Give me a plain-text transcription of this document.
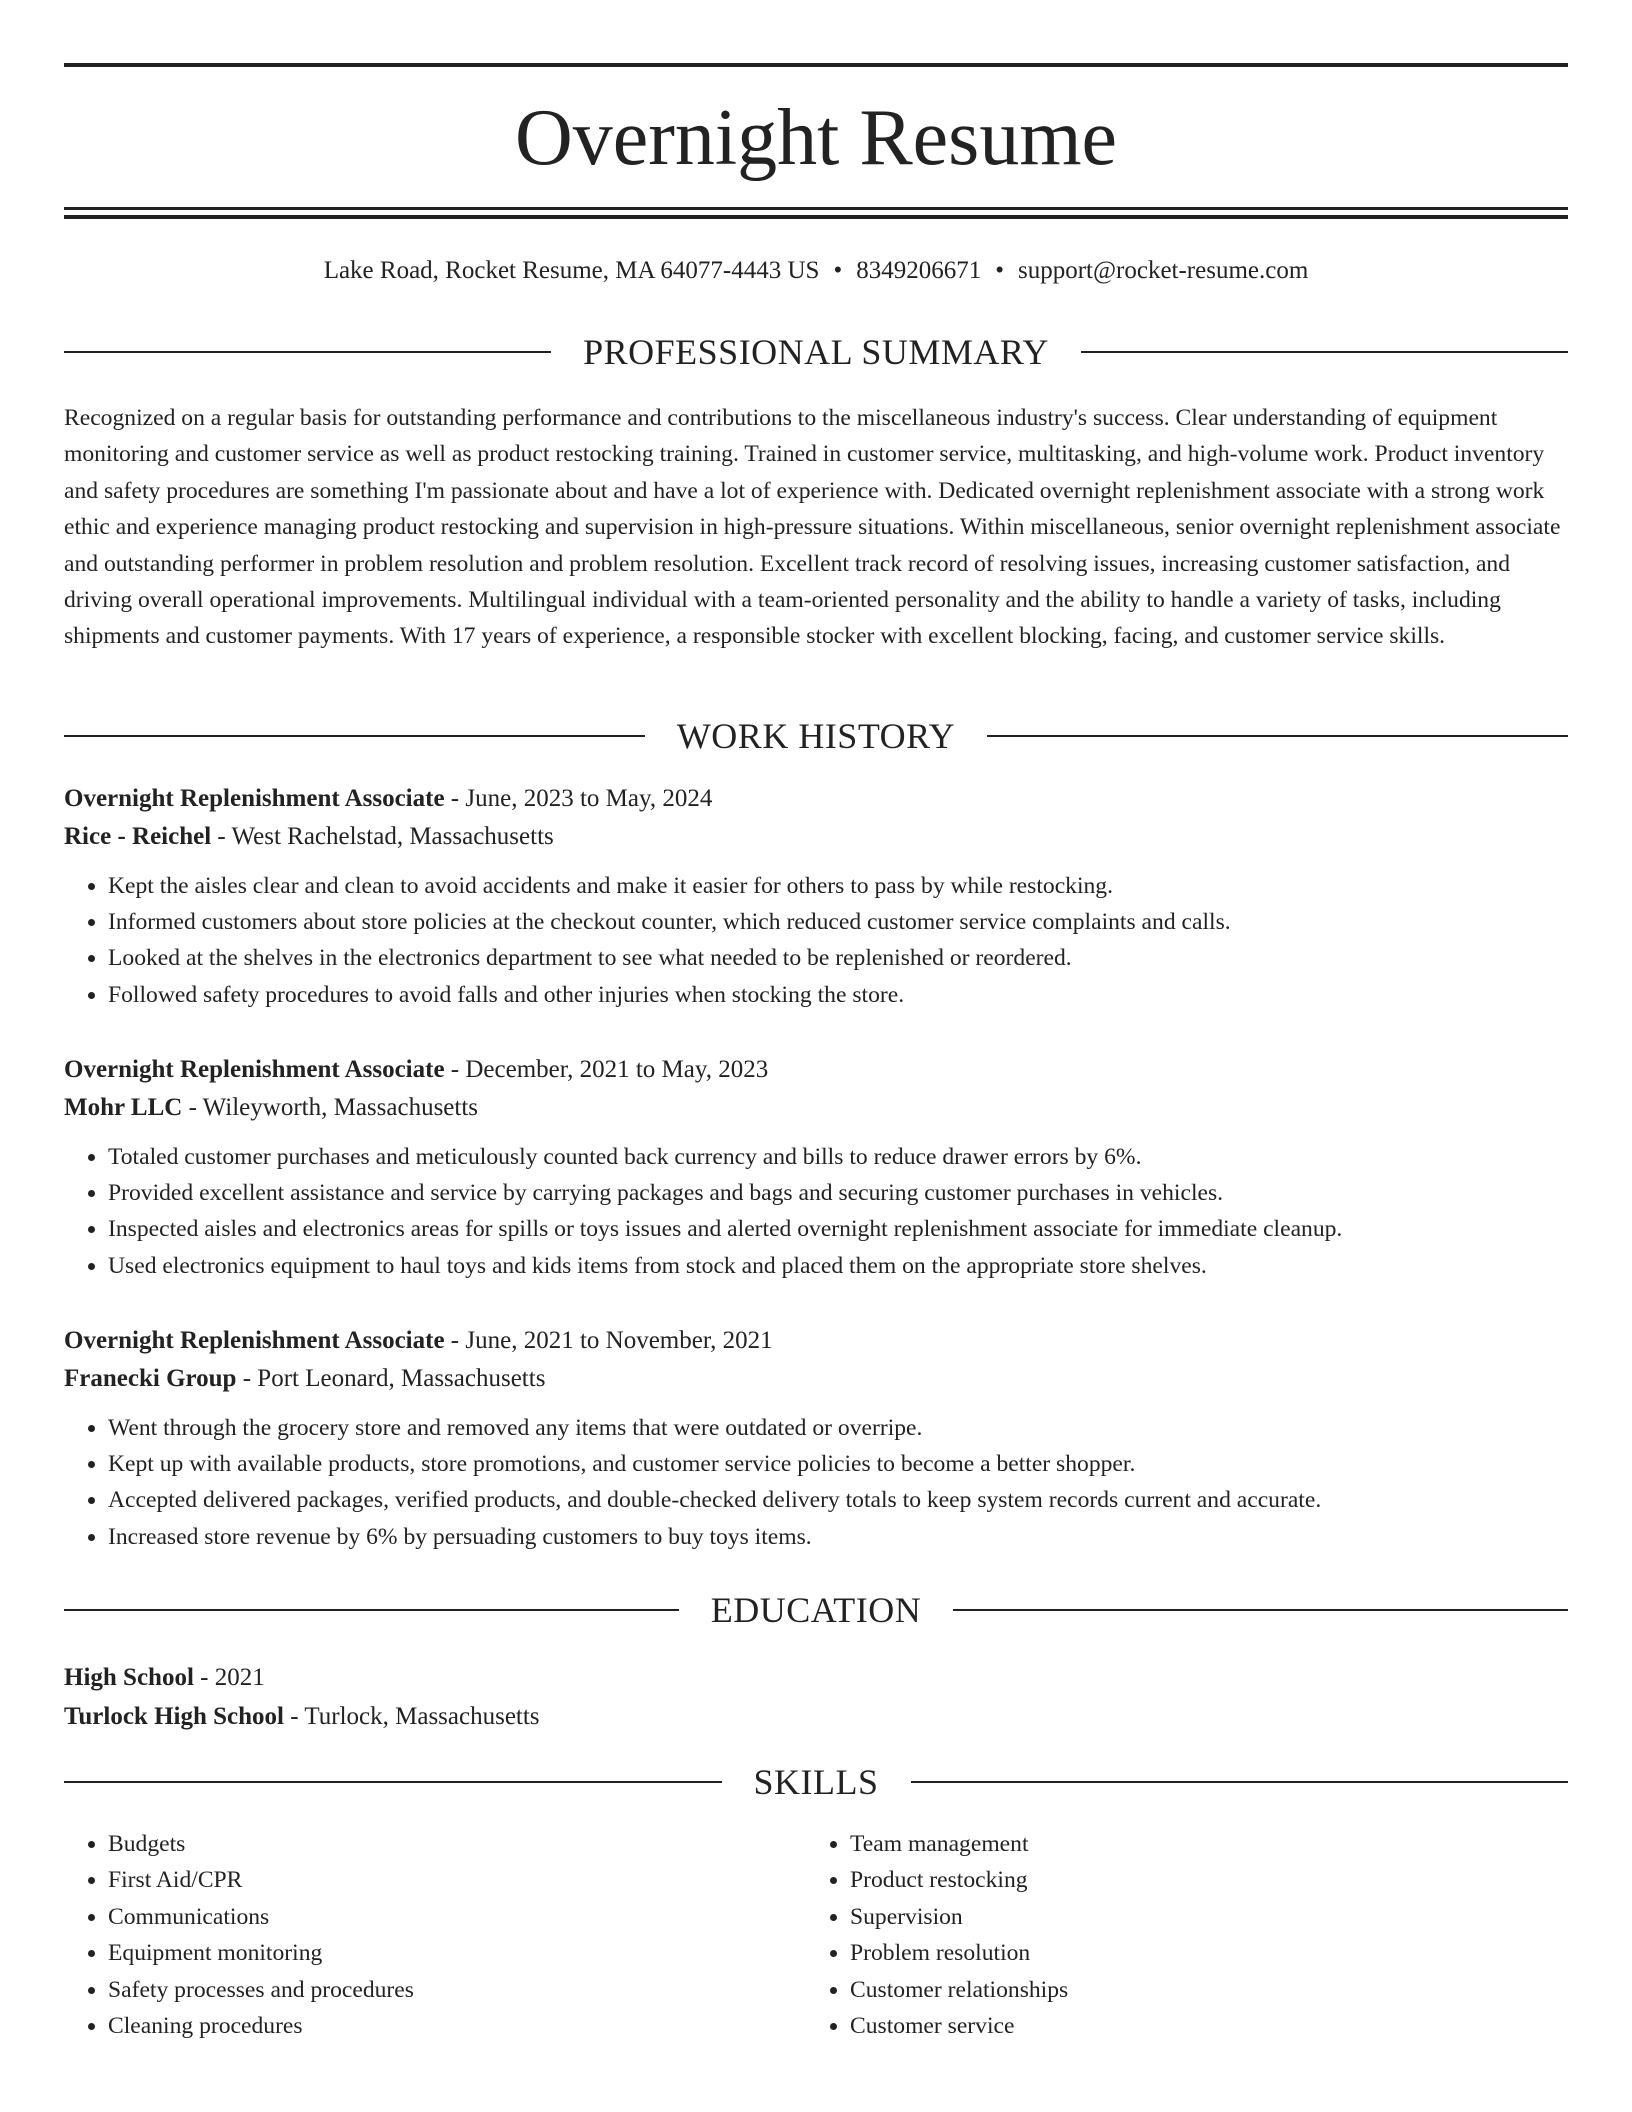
Overnight Resume
Lake Road, Rocket Resume, MA 64077-4443 US • 8349206671 • support@rocket-resume.com
PROFESSIONAL SUMMARY

Recognized on a regular basis for outstanding performance and contributions to the miscellaneous industry's success. Clear understanding of equipment monitoring and customer service as well as product restocking training. Trained in customer service, multitasking, and high-volume work. Product inventory and safety procedures are something I'm passionate about and have a lot of experience with. Dedicated overnight replenishment associate with a strong work ethic and experience managing product restocking and supervision in high-pressure situations. Within miscellaneous, senior overnight replenishment associate and outstanding performer in problem resolution and problem resolution. Excellent track record of resolving issues, increasing customer satisfaction, and driving overall operational improvements. Multilingual individual with a team-oriented personality and the ability to handle a variety of tasks, including shipments and customer payments. With 17 years of experience, a responsible stocker with excellent blocking, facing, and customer service skills.

WORK HISTORY
Overnight Replenishment Associate - June, 2023 to May, 2024
Rice - Reichel - West Rachelstad, Massachusetts
• Kept the aisles clear and clean to avoid accidents and make it easier for others to pass by while restocking.
• Informed customers about store policies at the checkout counter, which reduced customer service complaints and calls.
• Looked at the shelves in the electronics department to see what needed to be replenished or reordered.
• Followed safety procedures to avoid falls and other injuries when stocking the store.
Overnight Replenishment Associate - December, 2021 to May, 2023
Mohr LLC - Wileyworth, Massachusetts
• Totaled customer purchases and meticulously counted back currency and bills to reduce drawer errors by 6%.
• Provided excellent assistance and service by carrying packages and bags and securing customer purchases in vehicles.
• Inspected aisles and electronics areas for spills or toys issues and alerted overnight replenishment associate for immediate cleanup.
• Used electronics equipment to haul toys and kids items from stock and placed them on the appropriate store shelves.
Overnight Replenishment Associate - June, 2021 to November, 2021
Franecki Group - Port Leonard, Massachusetts
• Went through the grocery store and removed any items that were outdated or overripe.
• Kept up with available products, store promotions, and customer service policies to become a better shopper.
• Accepted delivered packages, verified products, and double-checked delivery totals to keep system records current and accurate.
• Increased store revenue by 6% by persuading customers to buy toys items.
EDUCATION
High School - 2021
Turlock High School - Turlock, Massachusetts
SKILLS
• Budgets
• First Aid/CPR
• Communications
• Equipment monitoring
• Safety processes and procedures
• Cleaning procedures
• Team management
• Product restocking
• Supervision
• Problem resolution
• Customer relationships
• Customer service
